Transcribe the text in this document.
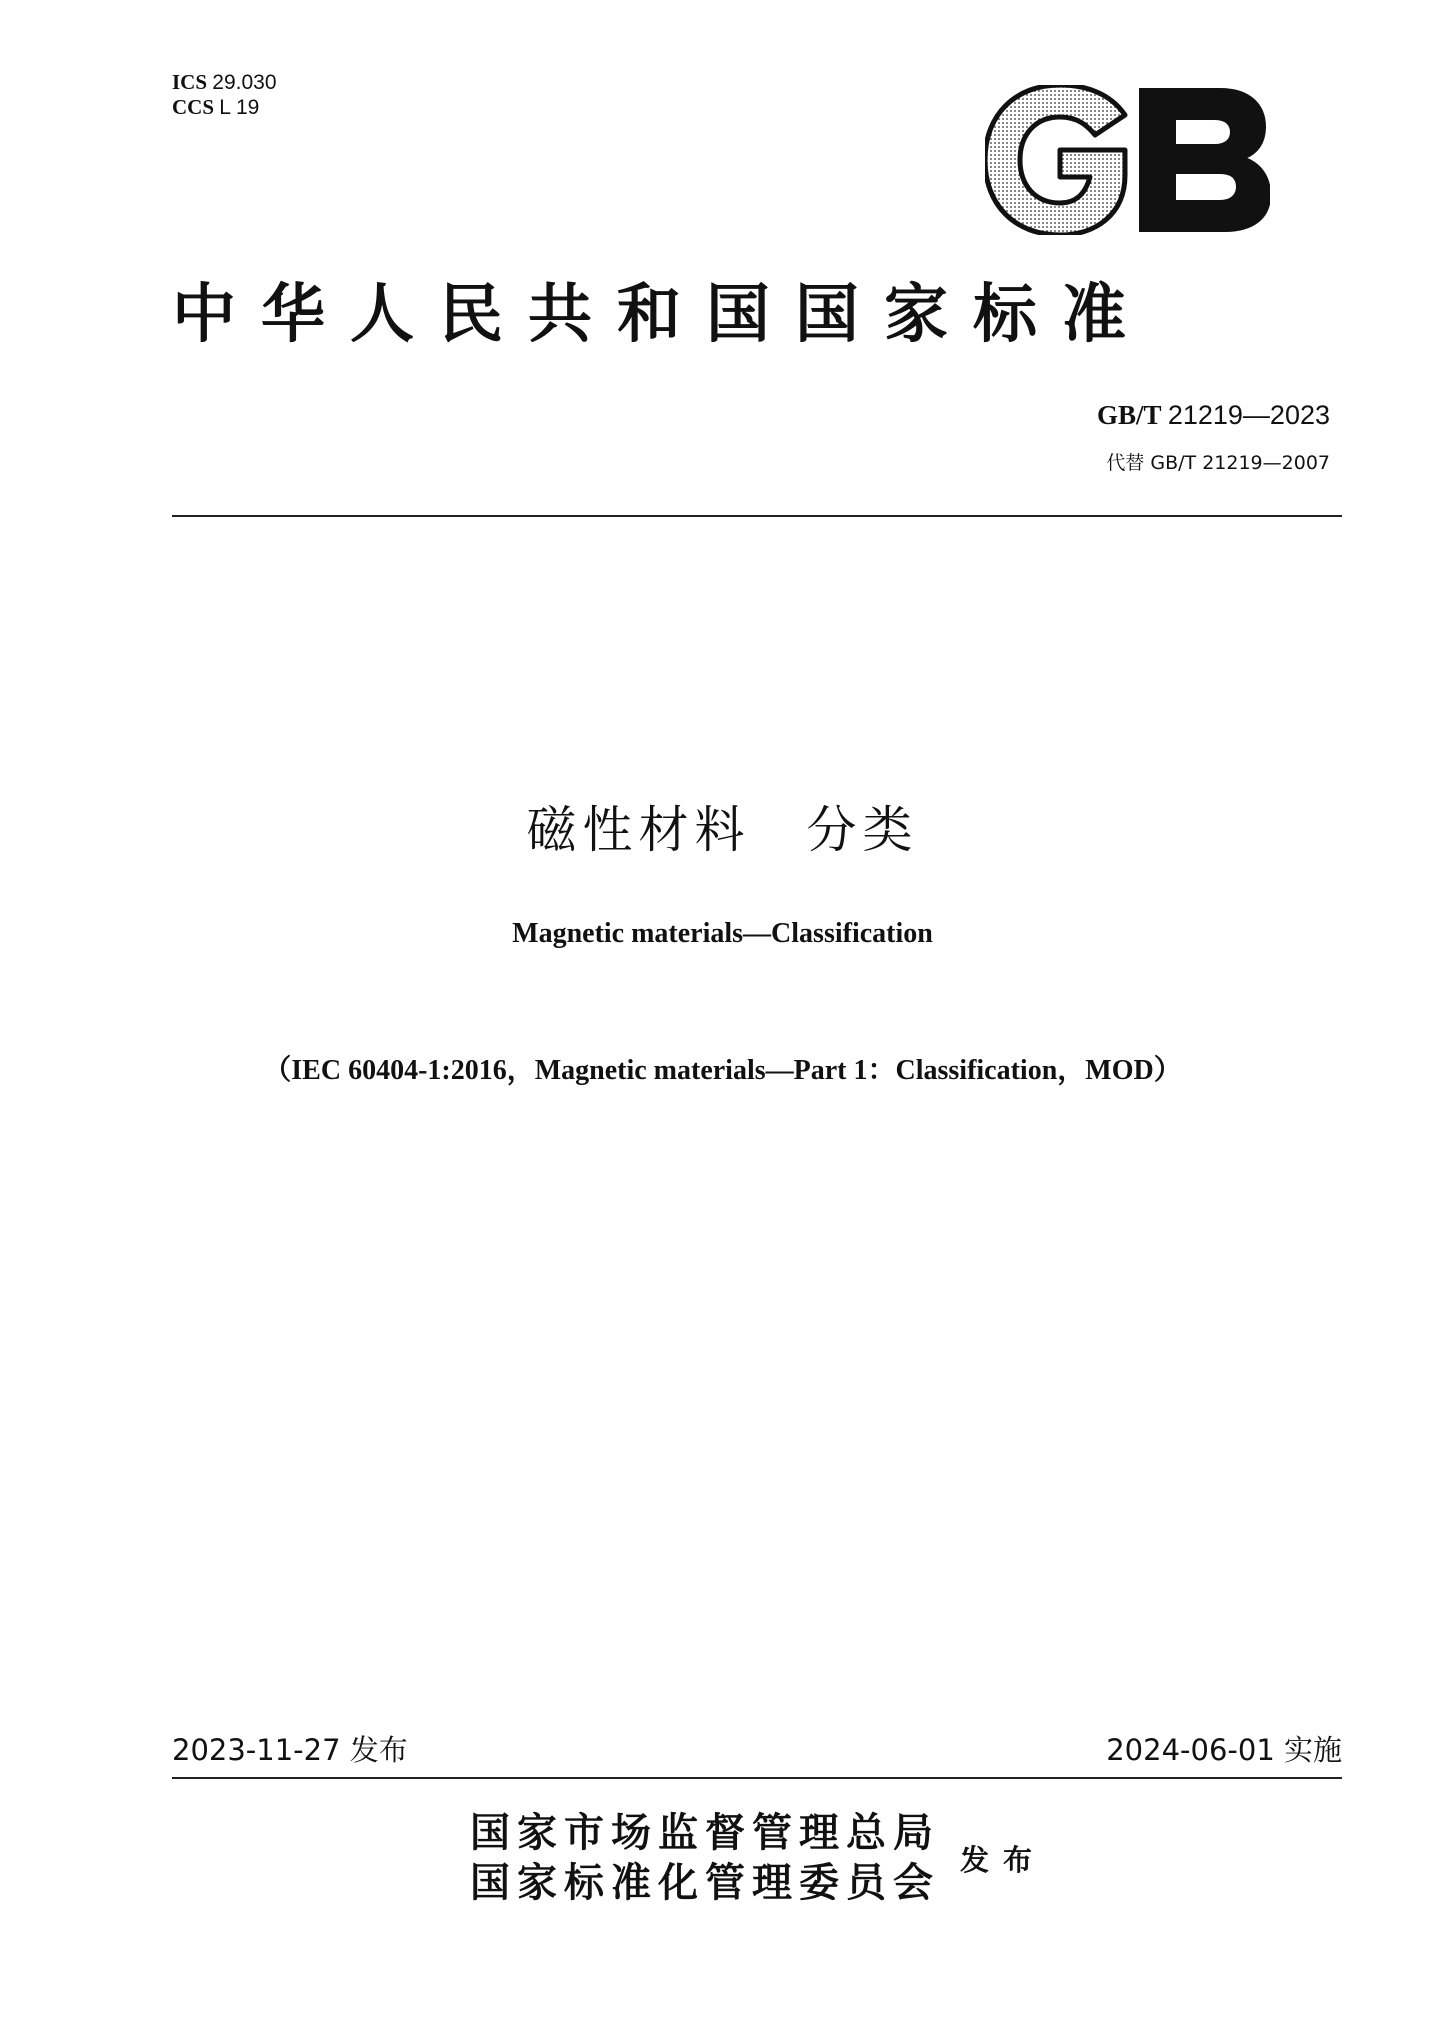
ICS 29.030
CCS L 19
GB
中华人民共和国国家标准
GB/T 21219—2023
代替 GB/T 21219—2007
磁性材料　分类
Magnetic materials—Classification
（IEC 60404-1:2016，Magnetic materials—Part 1：Classification，MOD）
2023-11-27 发布	2024-06-01 实施
国家市场监督管理总局
国家标准化管理委员会 发布
